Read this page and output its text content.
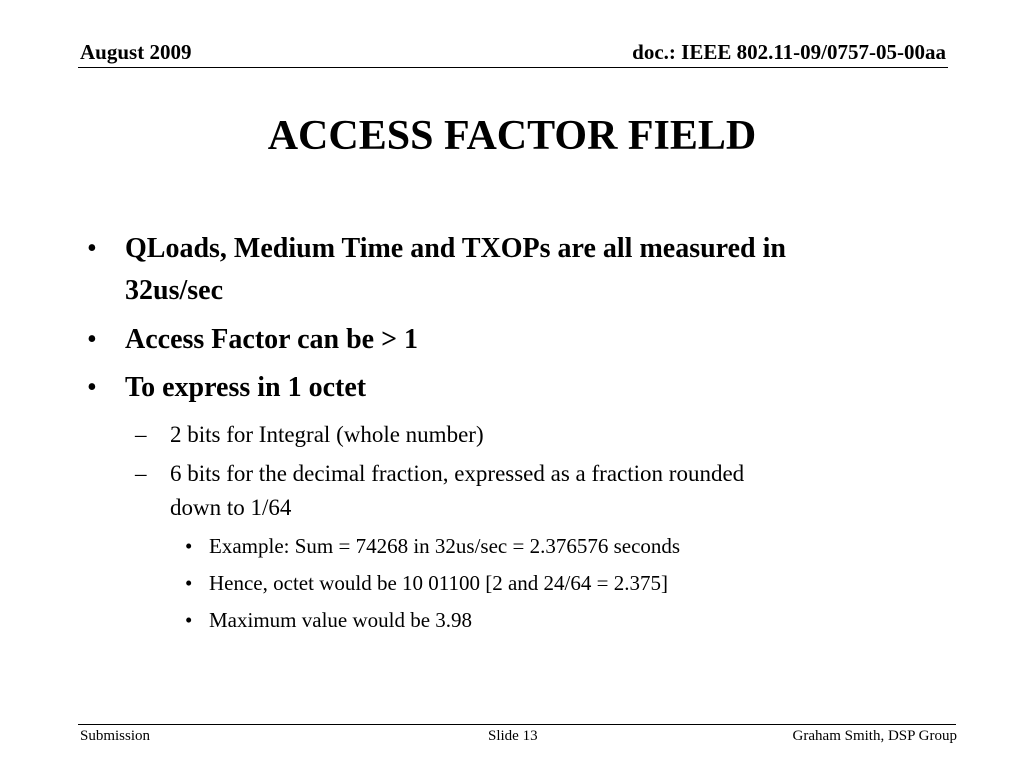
August 2009	doc.: IEEE 802.11-09/0757-05-00aa
ACCESS FACTOR FIELD
• QLoads, Medium Time and TXOPs are all measured in
32us/sec
• Access Factor can be > 1
• To express in 1 octet
– 2 bits for Integral (whole number)
– 6 bits for the decimal fraction, expressed as a fraction rounded
down to 1/64
• Example: Sum = 74268 in 32us/sec = 2.376576 seconds
• Hence, octet would be 10 01100 [2 and 24/64 = 2.375]
• Maximum value would be 3.98
Submission	Slide 13	Graham Smith, DSP Group
